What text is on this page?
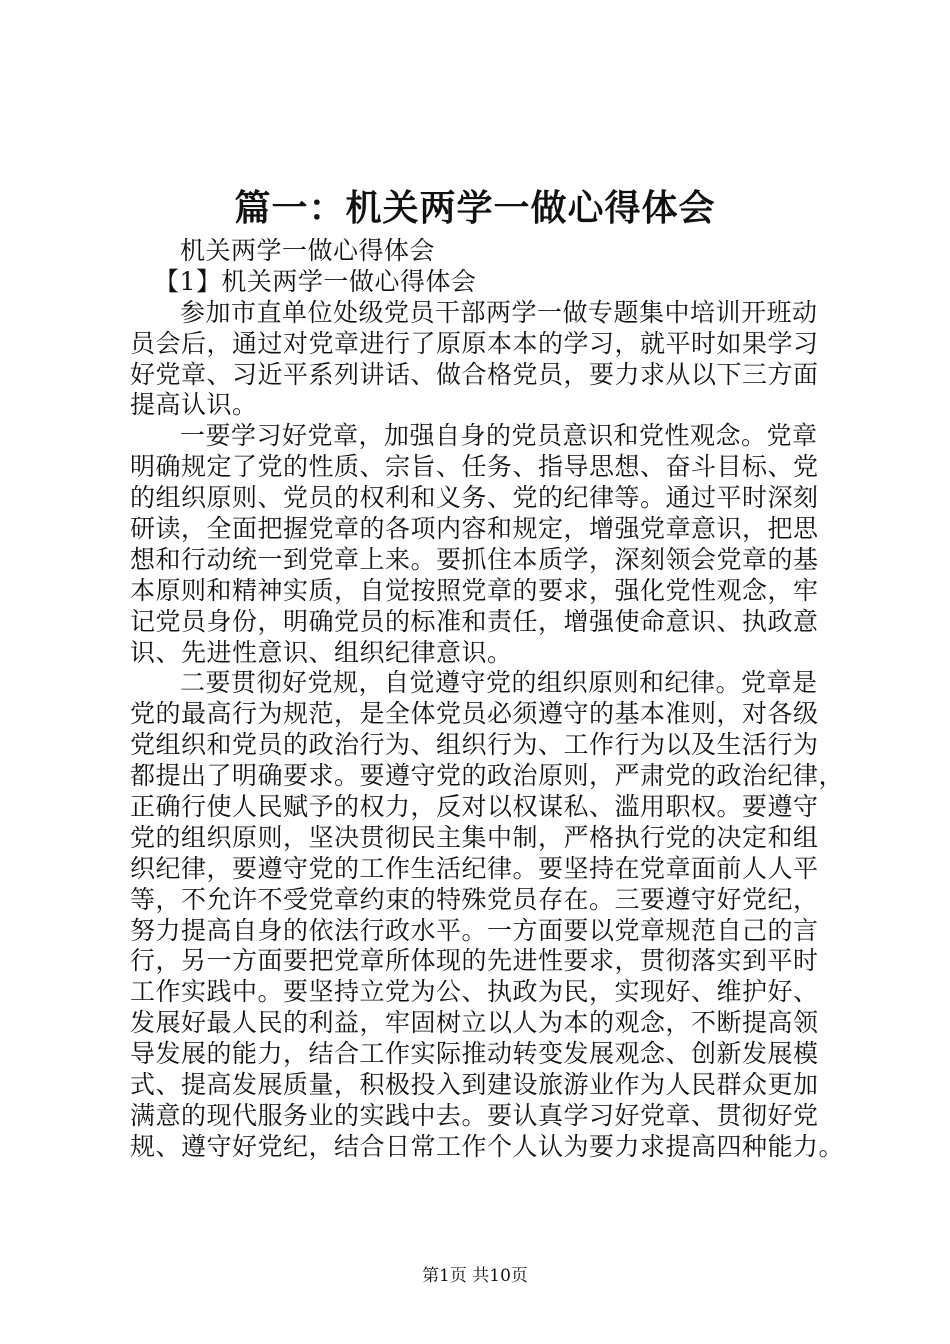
篇一：机关两学一做心得体会
机关两学一做心得体会
【1】机关两学一做心得体会
参加市直单位处级党员干部两学一做专题集中培训开班动
员会后，通过对党章进行了原原本本的学习，就平时如果学习
好党章、习近平系列讲话、做合格党员，要力求从以下三方面
提高认识。
一要学习好党章，加强自身的党员意识和党性观念。党章
明确规定了党的性质、宗旨、任务、指导思想、奋斗目标、党
的组织原则、党员的权利和义务、党的纪律等。通过平时深刻
研读，全面把握党章的各项内容和规定，增强党章意识，把思
想和行动统一到党章上来。要抓住本质学，深刻领会党章的基
本原则和精神实质，自觉按照党章的要求，强化党性观念，牢
记党员身份，明确党员的标准和责任，增强使命意识、执政意
识、先进性意识、组织纪律意识。
二要贯彻好党规，自觉遵守党的组织原则和纪律。党章是
党的最高行为规范，是全体党员必须遵守的基本准则，对各级
党组织和党员的政治行为、组织行为、工作行为以及生活行为
都提出了明确要求。要遵守党的政治原则，严肃党的政治纪律，
正确行使人民赋予的权力，反对以权谋私、滥用职权。要遵守
党的组织原则，坚决贯彻民主集中制，严格执行党的决定和组
织纪律，要遵守党的工作生活纪律。要坚持在党章面前人人平
等，不允许不受党章约束的特殊党员存在。三要遵守好党纪，
努力提高自身的依法行政水平。一方面要以党章规范自己的言
行，另一方面要把党章所体现的先进性要求，贯彻落实到平时
工作实践中。要坚持立党为公、执政为民，实现好、维护好、
发展好最人民的利益，牢固树立以人为本的观念，不断提高领
导发展的能力，结合工作实际推动转变发展观念、创新发展模
式、提高发展质量，积极投入到建设旅游业作为人民群众更加
满意的现代服务业的实践中去。要认真学习好党章、贯彻好党
规、遵守好党纪，结合日常工作个人认为要力求提高四种能力。
第1页 共10页
